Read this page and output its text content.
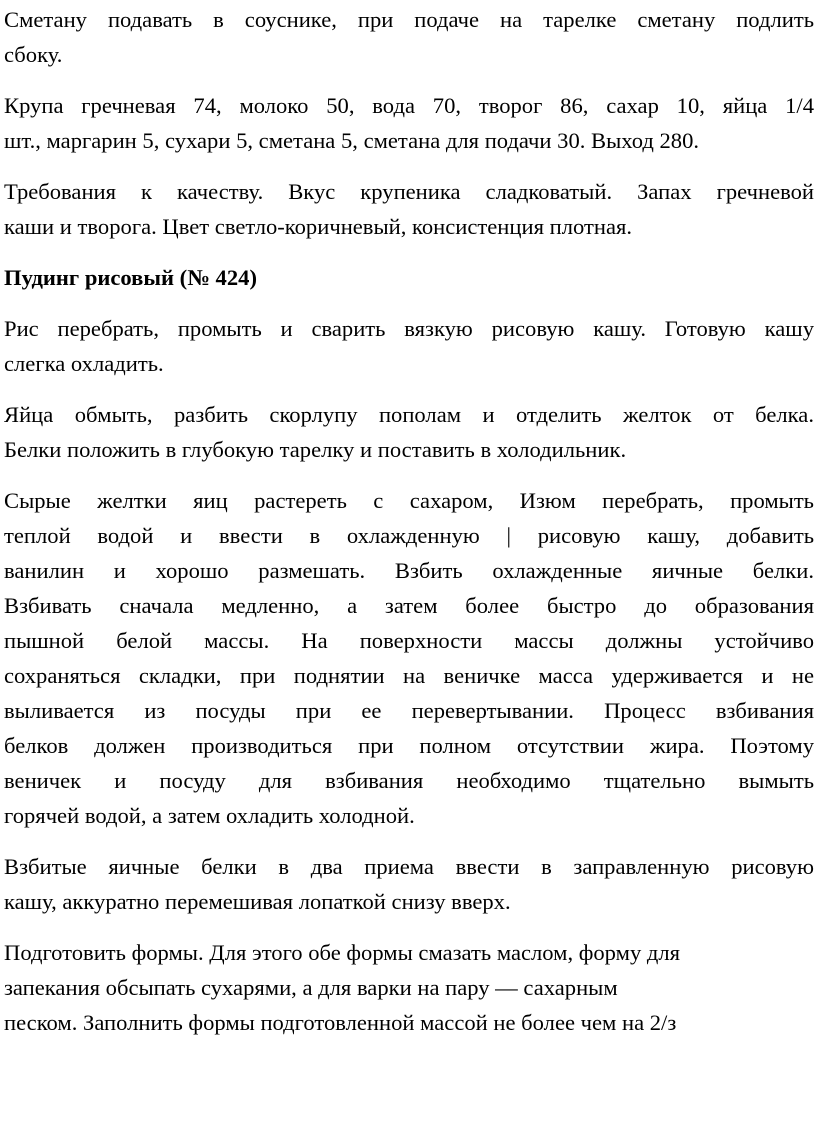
Сметану подавать в соуснике, при подаче на тарелке сметану подлить
сбоку.
Крупа гречневая 74, молоко 50, вода 70, творог 86, сахар 10, яйца 1/4
шт., маргарин 5, сухари 5, сметана 5, сметана для подачи 30. Выход 280.
Требования к качеству. Вкус крупеника сладковатый. Запах гречневой
каши и творога. Цвет светло-коричневый, консистенция плотная.
Пудинг рисовый (№ 424)
Рис перебрать, промыть и сварить вязкую рисовую кашу. Готовую кашу
слегка охладить.
Яйца обмыть, разбить скорлупу пополам и отделить желток от белка.
Белки положить в глубокую тарелку и поставить в холодильник.
Сырые желтки яиц растереть с сахаром, Изюм перебрать, промыть
теплой водой и ввести в охлажденную | рисовую кашу, добавить
ванилин и хорошо размешать. Взбить охлажденные яичные белки.
Взбивать сначала медленно, а затем более быстро до образования
пышной белой массы. На поверхности массы должны устойчиво
сохраняться складки, при поднятии на веничке масса удерживается и не
выливается из посуды при ее перевертывании. Процесс взбивания
белков должен производиться при полном отсутствии жира. Поэтому
веничек и посуду для взбивания необходимо тщательно вымыть
горячей водой, а затем охладить холодной.
Взбитые яичные белки в два приема ввести в заправленную рисовую
кашу, аккуратно перемешивая лопаткой снизу вверх.
Подготовить формы. Для этого обе формы смазать маслом, форму для
запекания обсыпать сухарями, а для варки на пару — сахарным
песком. Заполнить формы подготовленной массой не более чем на 2/з
